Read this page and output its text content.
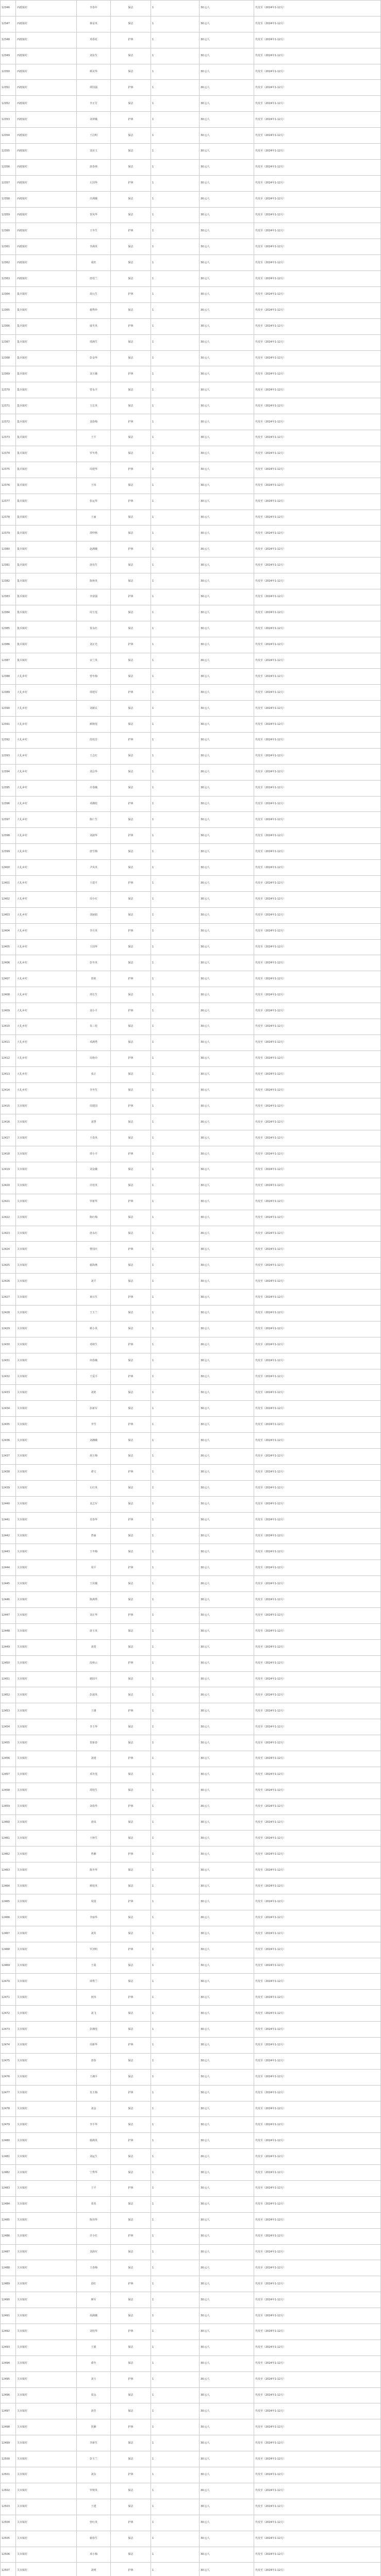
12346	西渡镇村	李春年	保洁	1	30元/人	代发至（2024年1-12月）
12347	西渡镇村	蒋益英	保洁	1	30元/人	代发至（2024年1-12月）
12348	西渡镇村	邓春花	护林	1	30元/人	代发至（2024年1-12月）
12349	西渡镇村	刘东生	保洁	1	30元/人	代发至（2024年1-12月）
12350	西渡镇村	颜美华	保洁	1	30元/人	代发至（2024年1-12月）
12351	西渡镇村	谭国强	护林	1	30元/人	代发至（2024年1-12月）
12352	西渡镇村	李正付	保洁	1	30元/人	代发至（2024年1-12月）
12353	西渡镇村	刘翠娥	护林	1	30元/人	代发至（2024年1-12月）
12354	西渡镇村	王启明	保洁	1	30元/人	代发至（2024年1-12月）
12355	西渡镇村	刘美玉	保洁	1	30元/人	代发至（2024年1-12月）
12356	西渡镇村	唐春林	保洁	1	30元/人	代发至（2024年1-12月）
12357	西渡镇村	左国华	护林	1	30元/人	代发至（2024年1-12月）
12358	西渡镇村	许满娥	保洁	1	30元/人	代发至（2024年1-12月）
12359	西渡镇村	贺凤华	保洁	1	30元/人	代发至（2024年1-12月）
12360	西渡镇村	王冬生	护林	1	30元/人	代发至（2024年1-12月）
12361	西渡镇村	李满英	保洁	1	30元/人	代发至（2024年1-12月）
12362	西渡镇村	成旺	保洁	1	30元/人	代发至（2024年1-12月）
12363	西渡镇村	唐桂兰	保洁	1	30元/人	代发至（2024年1-12月）
12364	集兵镇村	胡元生	护林	1	30元/人	代发至（2024年1-12月）
12365	集兵镇村	谢秀珍	保洁	1	30元/人	代发至（2024年1-12月）
12366	集兵镇村	康冬英	护林	1	30元/人	代发至（2024年1-12月）
12367	集兵镇村	谭满生	保洁	1	30元/人	代发至（2024年1-12月）
12368	集兵镇村	彭金华	保洁	1	30元/人	代发至（2024年1-12月）
12369	集兵镇村	刘玉娥	护林	1	30元/人	代发至（2024年1-12月）
12370	集兵镇村	曾永平	保洁	1	30元/人	代发至（2024年1-12月）
12371	集兵镇村	王长英	保洁	1	30元/人	代发至（2024年1-12月）
12372	集兵镇村	刘春梅	护林	1	30元/人	代发至（2024年1-12月）
12373	集兵镇村	王平	保洁	1	30元/人	代发至（2024年1-12月）
12374	集兵镇村	罗冬秀	保洁	1	30元/人	代发至（2024年1-12月）
12375	集兵镇村	周建华	护林	1	30元/人	代发至（2024年1-12月）
12376	集兵镇村	王伟	保洁	1	30元/人	代发至（2024年1-12月）
12377	集兵镇村	张运华	护林	1	30元/人	代发至（2024年1-12月）
12378	集兵镇村	王丽	保洁	1	30元/人	代发至（2024年1-12月）
12379	集兵镇村	谭仲秋	保洁	1	30元/人	代发至（2024年1-12月）
12380	集兵镇村	赵满娥	护林	1	30元/人	代发至（2024年1-12月）
12381	集兵镇村	唐伏生	保洁	1	30元/人	代发至（2024年1-12月）
12382	集兵镇村	陈秋英	保洁	1	30元/人	代发至（2024年1-12月）
12383	集兵镇村	李富强	护林	1	30元/人	代发至（2024年1-12月）
12384	集兵镇村	周玉莲	保洁	1	30元/人	代发至（2024年1-12月）
12385	集兵镇村	贺永红	保洁	1	30元/人	代发至（2024年1-12月）
12386	集兵镇村	刘正光	护林	1	30元/人	代发至（2024年1-12月）
12387	集兵镇村	宋兰英	保洁	1	30元/人	代发至（2024年1-12月）
12388	大礼乡村	曾冬梅	保洁	1	30元/人	代发至（2024年1-12月）
12389	大礼乡村	谭建军	护林	1	30元/人	代发至（2024年1-12月）
12390	大礼乡村	刘新民	保洁	1	30元/人	代发至（2024年1-12月）
12391	大礼乡村	颜秋莲	保洁	1	30元/人	代发至（2024年1-12月）
12392	大礼乡村	段桂芳	护林	1	30元/人	代发至（2024年1-12月）
12393	大礼乡村	王志红	保洁	1	30元/人	代发至（2024年1-12月）
12394	大礼乡村	刘会华	保洁	1	30元/人	代发至（2024年1-12月）
12395	大礼乡村	许春娥	保洁	1	30元/人	代发至（2024年1-12月）
12396	大礼乡村	邓湘桂	护林	1	30元/人	代发至（2024年1-12月）
12397	大礼乡村	陈仁生	保洁	1	30元/人	代发至（2024年1-12月）
12398	大礼乡村	刘淑华	护林	1	30元/人	代发至（2024年1-12月）
12399	大礼乡村	唐雪梅	保洁	1	30元/人	代发至（2024年1-12月）
12400	大礼乡村	尹凤英	保洁	1	30元/人	代发至（2024年1-12月）
12401	大礼乡村	王建平	护林	1	30元/人	代发至（2024年1-12月）
12402	大礼乡村	周小红	保洁	1	30元/人	代发至（2024年1-12月）
12403	大礼乡村	刘丽娟	保洁	1	30元/人	代发至（2024年1-12月）
12404	大礼乡村	李月英	护林	1	30元/人	代发至（2024年1-12月）
12405	大礼乡村	王国华	保洁	1	30元/人	代发至（2024年1-12月）
12406	大礼乡村	彭冬英	保洁	1	30元/人	代发至（2024年1-12月）
12407	大礼乡村	贺艳	护林	1	30元/人	代发至（2024年1-12月）
12408	大礼乡村	谭长生	保洁	1	30元/人	代发至（2024年1-12月）
12409	大礼乡村	刘小平	护林	1	30元/人	代发至（2024年1-12月）
12410	大礼乡村	朱三桂	保洁	1	30元/人	代发至（2024年1-12月）
12411	大礼乡村	邓满秀	保洁	1	30元/人	代发至（2024年1-12月）
12412	大礼乡村	周艳玲	护林	1	30元/人	代发至（2024年1-12月）
12413	大礼乡村	张正	保洁	1	30元/人	代发至（2024年1-12月）
12414	大礼乡村	李冬生	保洁	1	30元/人	代发至（2024年1-12月）
12415	关市镇村	周建国	护林	1	30元/人	代发至（2024年1-12月）
12416	关市镇村	刘慧	保洁	1	30元/人	代发至（2024年1-12月）
12417	关市镇村	王春英	保洁	1	30元/人	代发至（2024年1-12月）
12418	关市镇村	谭小平	护林	1	30元/人	代发至（2024年1-12月）
12419	关市镇村	刘金娥	保洁	1	30元/人	代发至（2024年1-12月）
12420	关市镇村	许桂英	保洁	1	30元/人	代发至（2024年1-12月）
12421	关市镇村	罗新华	护林	1	30元/人	代发至（2024年1-12月）
12422	关市镇村	陈红梅	保洁	1	30元/人	代发至（2024年1-12月）
12423	关市镇村	唐永红	保洁	1	30元/人	代发至（2024年1-12月）
12424	关市镇村	曹国庆	护林	1	30元/人	代发至（2024年1-12月）
12425	关市镇村	谢海燕	保洁	1	30元/人	代发至（2024年1-12月）
12426	关市镇村	刘平	保洁	1	30元/人	代发至（2024年1-12月）
12427	关市镇村	黄石生	护林	1	30元/人	代发至（2024年1-12月）
12428	关市镇村	王玉兰	保洁	1	30元/人	代发至（2024年1-12月）
12429	关市镇村	颜小英	保洁	1	30元/人	代发至（2024年1-12月）
12430	关市镇村	邓秋生	护林	1	30元/人	代发至（2024年1-12月）
12431	关市镇村	何春娥	保洁	1	30元/人	代发至（2024年1-12月）
12432	关市镇村	王爱平	护林	1	30元/人	代发至（2024年1-12月）
12433	关市镇村	刘艳	保洁	1	30元/人	代发至（2024年1-12月）
12434	关市镇村	彭新军	保洁	1	30元/人	代发至（2024年1-12月）
12435	关市镇村	李雪	护林	1	30元/人	代发至（2024年1-12月）
12436	关市镇村	刘湘娥	保洁	1	30元/人	代发至（2024年1-12月）
12437	关市镇村	胡玉梅	保洁	1	30元/人	代发至（2024年1-12月）
12438	关市镇村	谭文	护林	1	30元/人	代发至（2024年1-12月）
12439	关市镇村	左红英	保洁	1	30元/人	代发至（2024年1-12月）
12440	关市镇村	龙志军	保洁	1	30元/人	代发至（2024年1-12月）
12441	关市镇村	肖春华	护林	1	30元/人	代发至（2024年1-12月）
12442	关市镇村	曾丽	保洁	1	30元/人	代发至（2024年1-12月）
12443	关市镇村	王冬梅	保洁	1	30元/人	代发至（2024年1-12月）
12444	关市镇村	周平	护林	1	30元/人	代发至（2024年1-12月）
12445	关市镇村	王伏娥	保洁	1	30元/人	代发至（2024年1-12月）
12446	关市镇村	陈满秀	保洁	1	30元/人	代发至（2024年1-12月）
12447	关市镇村	刘正华	护林	1	30元/人	代发至（2024年1-12月）
12448	关市镇村	唐玉英	保洁	1	30元/人	代发至（2024年1-12月）
12449	关市镇村	刘勇	保洁	1	30元/人	代发至（2024年1-12月）
12450	关市镇村	段秋云	护林	1	30元/人	代发至（2024年1-12月）
12451	关市镇村	谢国平	保洁	1	30元/人	代发至（2024年1-12月）
12452	关市镇村	彭淑英	保洁	1	30元/人	代发至（2024年1-12月）
12453	关市镇村	王雄	护林	1	30元/人	代发至（2024年1-12月）
12454	关市镇村	李玉华	保洁	1	30元/人	代发至（2024年1-12月）
12455	关市镇村	贺新春	保洁	1	30元/人	代发至（2024年1-12月）
12456	关市镇村	刘建	护林	1	30元/人	代发至（2024年1-12月）
12457	关市镇村	邓冬莲	保洁	1	30元/人	代发至（2024年1-12月）
12458	关市镇村	谭桂生	保洁	1	30元/人	代发至（2024年1-12月）
12459	关市镇村	刘春华	护林	1	30元/人	代发至（2024年1-12月）
12460	关市镇村	唐凤	保洁	1	30元/人	代发至（2024年1-12月）
12461	关市镇村	王秋生	保洁	1	30元/人	代发至（2024年1-12月）
12462	关市镇村	曾湘	护林	1	30元/人	代发至（2024年1-12月）
12463	关市镇村	陈冬华	保洁	1	30元/人	代发至（2024年1-12月）
12464	关市镇村	颜桂英	保洁	1	30元/人	代发至（2024年1-12月）
12465	关市镇村	周国	护林	1	30元/人	代发至（2024年1-12月）
12466	关市镇村	李丽华	保洁	1	30元/人	代发至（2024年1-12月）
12467	关市镇村	刘英	保洁	1	30元/人	代发至（2024年1-12月）
12468	关市镇村	罗清明	护林	1	30元/人	代发至（2024年1-12月）
12469	关市镇村	王霞	保洁	1	30元/人	代发至（2024年1-12月）
12470	关市镇村	谭秀兰	保洁	1	30元/人	代发至（2024年1-12月）
12471	关市镇村	何伟	护林	1	30元/人	代发至（2024年1-12月）
12472	关市镇村	刘飞	保洁	1	30元/人	代发至（2024年1-12月）
12473	关市镇村	彭湘莲	保洁	1	30元/人	代发至（2024年1-12月）
12474	关市镇村	周新华	护林	1	30元/人	代发至（2024年1-12月）
12475	关市镇村	唐春	保洁	1	30元/人	代发至（2024年1-12月）
12476	关市镇村	王湘平	保洁	1	30元/人	代发至（2024年1-12月）
12477	关市镇村	朱玉梅	护林	1	30元/人	代发至（2024年1-12月）
12478	关市镇村	刘金	保洁	1	30元/人	代发至（2024年1-12月）
12479	关市镇村	李平华	保洁	1	30元/人	代发至（2024年1-12月）
12480	关市镇村	谢满英	护林	1	30元/人	代发至（2024年1-12月）
12481	关市镇村	刘运生	保洁	1	30元/人	代发至（2024年1-12月）
12482	关市镇村	宁秀华	保洁	1	30元/人	代发至（2024年1-12月）
12483	关市镇村	王平	护林	1	30元/人	代发至（2024年1-12月）
12484	关市镇村	邓英	保洁	1	30元/人	代发至（2024年1-12月）
12485	关市镇村	陈伟华	保洁	1	30元/人	代发至（2024年1-12月）
12486	关市镇村	许小红	护林	1	30元/人	代发至（2024年1-12月）
12487	关市镇村	刘海军	保洁	1	30元/人	代发至（2024年1-12月）
12488	关市镇村	王春梅	保洁	1	30元/人	代发至（2024年1-12月）
12489	关市镇村	段红	护林	1	30元/人	代发至（2024年1-12月）
12490	关市镇村	颜军	保洁	1	30元/人	代发至（2024年1-12月）
12491	关市镇村	胡满娥	保洁	1	30元/人	代发至（2024年1-12月）
12492	关市镇村	刘桂华	护林	1	30元/人	代发至（2024年1-12月）
12493	关市镇村	王娟	保洁	1	30元/人	代发至（2024年1-12月）
12494	关市镇村	谭冬	保洁	1	30元/人	代发至（2024年1-12月）
12495	关市镇村	刘玉	护林	1	30元/人	代发至（2024年1-12月）
12496	关市镇村	周永	保洁	1	30元/人	代发至（2024年1-12月）
12497	关市镇村	唐芳	保洁	1	30元/人	代发至（2024年1-12月）
12498	关市镇村	贺湘	护林	1	30元/人	代发至（2024年1-12月）
12499	关市镇村	李新生	保洁	1	30元/人	代发至（2024年1-12月）
12500	关市镇村	彭玉兰	保洁	1	30元/人	代发至（2024年1-12月）
12501	关市镇村	刘东	护林	1	30元/人	代发至（2024年1-12月）
12502	关市镇村	罗秋英	保洁	1	30元/人	代发至（2024年1-12月）
12503	关市镇村	王建	保洁	1	30元/人	代发至（2024年1-12月）
12504	关市镇村	曾红英	护林	1	30元/人	代发至（2024年1-12月）
12505	关市镇村	谢春生	保洁	1	30元/人	代发至（2024年1-12月）
12506	关市镇村	邓小梅	保洁	1	30元/人	代发至（2024年1-12月）
12507	关市镇村	刘明	护林	1	30元/人	代发至（2024年1-12月）
